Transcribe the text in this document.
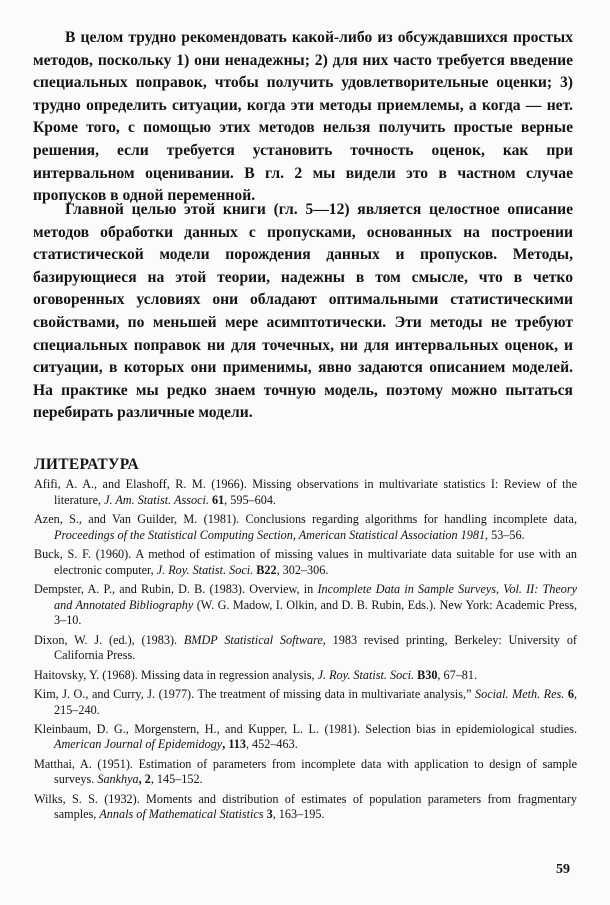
В целом трудно рекомендовать какой-либо из обсуждавшихся простых методов, поскольку 1) они ненадежны; 2) для них часто требуется введение специальных поправок, чтобы получить удовлетворительные оценки; 3) трудно определить ситуации, когда эти методы приемлемы, а когда — нет. Кроме того, с помощью этих методов нельзя получить простые верные решения, если требуется установить точность оценок, как при интервальном оценивании. В гл. 2 мы видели это в частном случае пропусков в одной переменной.

Главной целью этой книги (гл. 5—12) является целостное описание методов обработки данных с пропусками, основанных на построении статистической модели порождения данных и пропусков. Методы, базирующиеся на этой теории, надежны в том смысле, что в четко оговоренных условиях они обладают оптимальными статистическими свойствами, по меньшей мере асимптотически. Эти методы не требуют специальных поправок ни для точечных, ни для интервальных оценок, и ситуации, в которых они применимы, явно задаются описанием моделей. На практике мы редко знаем точную модель, поэтому можно пытаться перебирать различные модели.

ЛИТЕРАТУРА
Afifi, A. A., and Elashoff, R. M. (1966). Missing observations in multivariate statistics I: Review of the literature, J. Am. Statist. Associ. 61, 595–604.
Azen, S., and Van Guilder, M. (1981). Conclusions regarding algorithms for handling incomplete data, Proceedings of the Statistical Computing Section, American Statistical Association 1981, 53–56.
Buck, S. F. (1960). A method of estimation of missing values in multivariate data suitable for use with an electronic computer, J. Roy. Statist. Soci. B22, 302–306.
Dempster, A. P., and Rubin, D. B. (1983). Overview, in Incomplete Data in Sample Surveys, Vol. II: Theory and Annotated Bibliography (W. G. Madow, I. Olkin, and D. B. Rubin, Eds.). New York: Academic Press, 3–10.
Dixon, W. J. (ed.), (1983). BMDP Statistical Software, 1983 revised printing, Berkeley: University of California Press.
Haitovsky, Y. (1968). Missing data in regression analysis, J. Roy. Statist. Soci. B30, 67–81.
Kim, J. O., and Curry, J. (1977). The treatment of missing data in multivariate analysis,” Social. Meth. Res. 6, 215–240.
Kleinbaum, D. G., Morgenstern, H., and Kupper, L. L. (1981). Selection bias in epidemiological studies. American Journal of Epidemidogy, 113, 452–463.
Matthai, A. (1951). Estimation of parameters from incomplete data with application to design of sample surveys. Sankhya, 2, 145–152.
Wilks, S. S. (1932). Moments and distribution of estimates of population parameters from fragmentary samples, Annals of Mathematical Statistics 3, 163–195.
59
